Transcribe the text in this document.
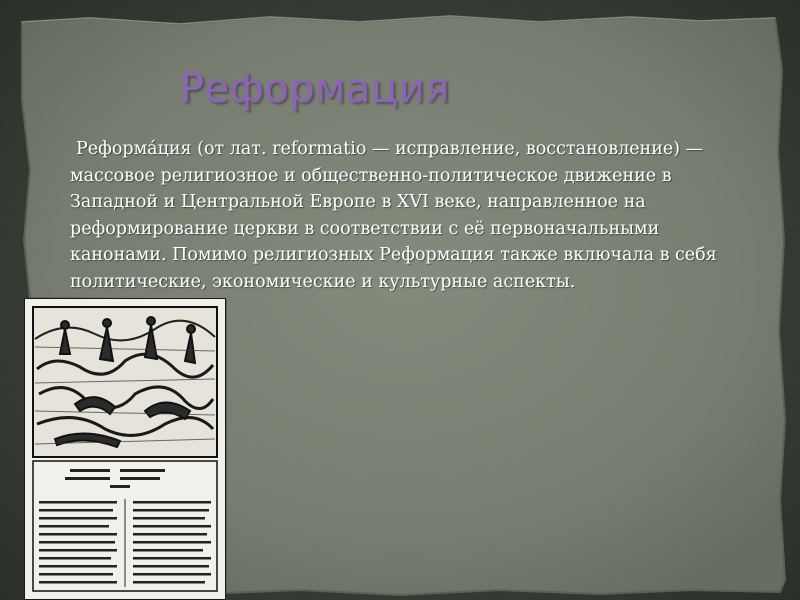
Реформация
Реформа́ция (от лат. reformatio — исправление, восстановление) — массовое религиозное и общественно-политическое движение в Западной и Центральной Европе в XVI веке, направленное на реформирование церкви в соответствии с её первоначальными канонами. Помимо религиозных Реформация также включала в себя политические, экономические и культурные аспекты.
